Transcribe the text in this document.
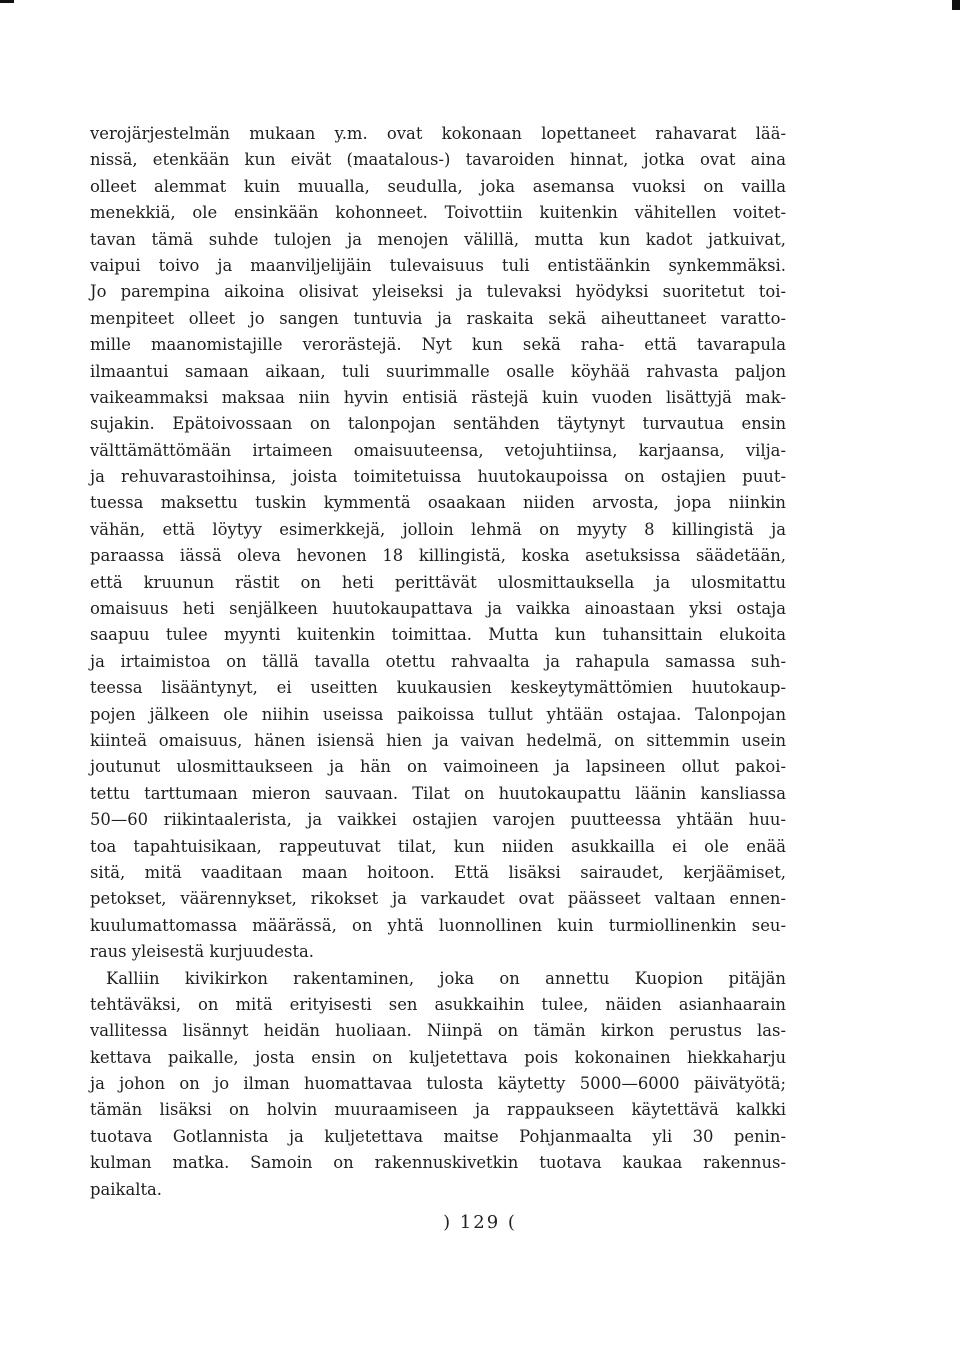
verojärjestelmän mukaan y.m. ovat kokonaan lopettaneet rahavarat lää-
nissä, etenkään kun eivät (maatalous-) tavaroiden hinnat, jotka ovat aina
olleet alemmat kuin muualla, seudulla, joka asemansa vuoksi on vailla
menekkiä, ole ensinkään kohonneet. Toivottiin kuitenkin vähitellen voitet-
tavan tämä suhde tulojen ja menojen välillä, mutta kun kadot jatkuivat,
vaipui toivo ja maanviljelijäin tulevaisuus tuli entistäänkin synkemmäksi.
Jo parempina aikoina olisivat yleiseksi ja tulevaksi hyödyksi suoritetut toi-
menpiteet olleet jo sangen tuntuvia ja raskaita sekä aiheuttaneet varatto-
mille maanomistajille verorästejä. Nyt kun sekä raha- että tavarapula
ilmaantui samaan aikaan, tuli suurimmalle osalle köyhää rahvasta paljon
vaikeammaksi maksaa niin hyvin entisiä rästejä kuin vuoden lisättyjä mak-
sujakin. Epätoivossaan on talonpojan sentähden täytynyt turvautua ensin
välttämättömään irtaimeen omaisuuteensa, vetojuhtiinsa, karjaansa, vilja-
ja rehuvarastoihinsa, joista toimitetuissa huutokaupoissa on ostajien puut-
tuessa maksettu tuskin kymmentä osaakaan niiden arvosta, jopa niinkin
vähän, että löytyy esimerkkejä, jolloin lehmä on myyty 8 killingistä ja
paraassa iässä oleva hevonen 18 killingistä, koska asetuksissa säädetään,
että kruunun rästit on heti perittävät ulosmittauksella ja ulosmitattu
omaisuus heti senjälkeen huutokaupattava ja vaikka ainoastaan yksi ostaja
saapuu tulee myynti kuitenkin toimittaa. Mutta kun tuhansittain elukoita
ja irtaimistoa on tällä tavalla otettu rahvaalta ja rahapula samassa suh-
teessa lisääntynyt, ei useitten kuukausien keskeytymättömien huutokaup-
pojen jälkeen ole niihin useissa paikoissa tullut yhtään ostajaa. Talonpojan
kiinteä omaisuus, hänen isiensä hien ja vaivan hedelmä, on sittemmin usein
joutunut ulosmittaukseen ja hän on vaimoineen ja lapsineen ollut pakoi-
tettu tarttumaan mieron sauvaan. Tilat on huutokaupattu läänin kansliassa
50—60 riikintaalerista, ja vaikkei ostajien varojen puutteessa yhtään huu-
toa tapahtuisikaan, rappeutuvat tilat, kun niiden asukkailla ei ole enää
sitä, mitä vaaditaan maan hoitoon. Että lisäksi sairaudet, kerjäämiset,
petokset, väärennykset, rikokset ja varkaudet ovat päässeet valtaan ennen-
kuulumattomassa määrässä, on yhtä luonnollinen kuin turmiollinenkin seu-
raus yleisestä kurjuudesta.
Kalliin kivikirkon rakentaminen, joka on annettu Kuopion pitäjän
tehtäväksi, on mitä erityisesti sen asukkaihin tulee, näiden asianhaarain
vallitessa lisännyt heidän huoliaan. Niinpä on tämän kirkon perustus las-
kettava paikalle, josta ensin on kuljetettava pois kokonainen hiekkaharju
ja johon on jo ilman huomattavaa tulosta käytetty 5000—6000 päivätyötä;
tämän lisäksi on holvin muuraamiseen ja rappaukseen käytettävä kalkki
tuotava Gotlannista ja kuljetettava maitse Pohjanmaalta yli 30 penin-
kulman matka. Samoin on rakennuskivetkin tuotava kaukaa rakennus-
paikalta.
) 129 (
